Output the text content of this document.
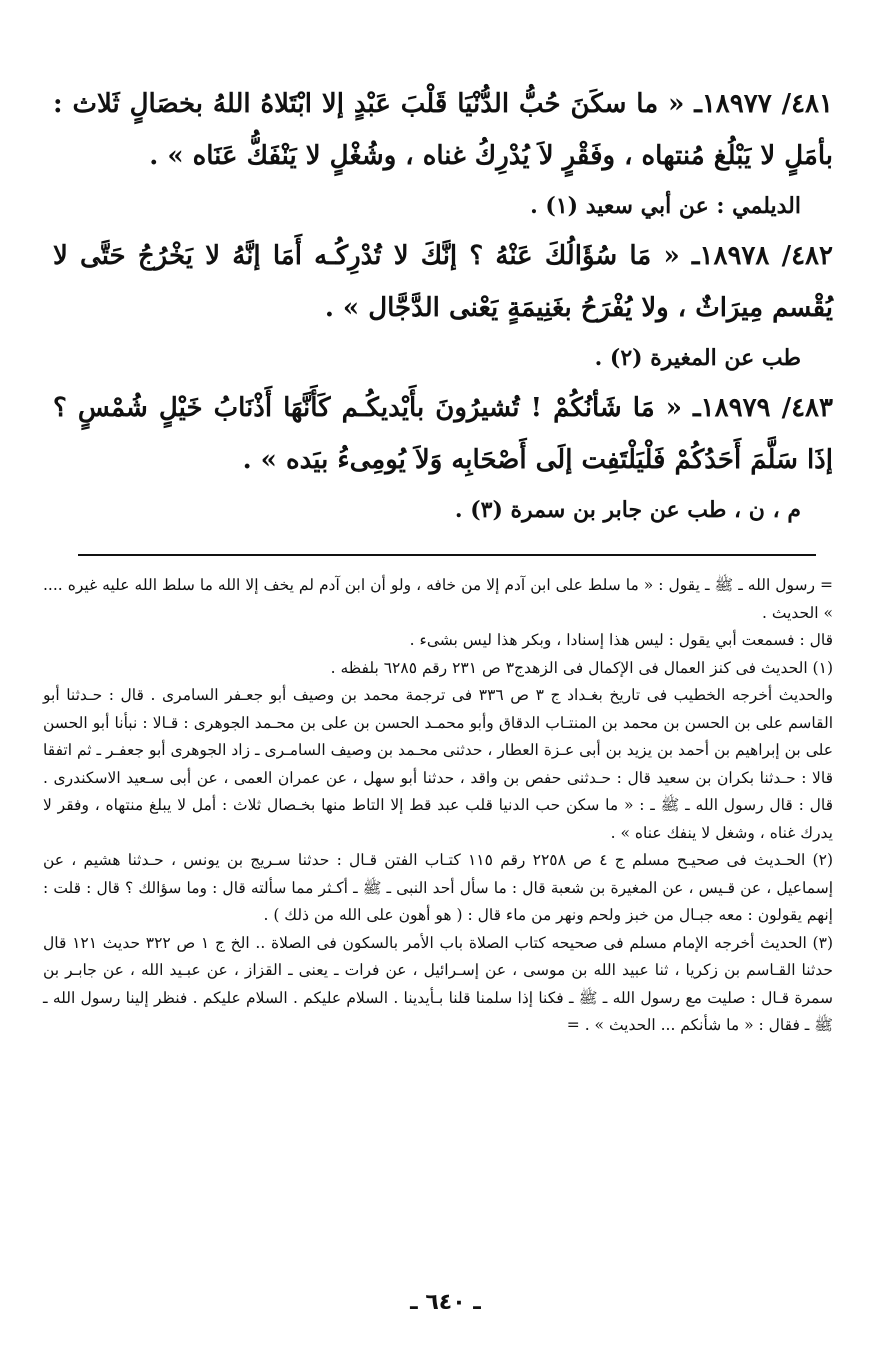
٤٨١/ ١٨٩٧٧ـ « ما سكَنَ حُبُّ الدُّنْيَا قَلْبَ عَبْدٍ إلا ابْتَلاهُ اللهُ بخصَالٍ ثَلاث : بأمَلٍ لا يَبْلُغ مُنتهاه ، وفَقْرٍ لاَ يُدْرِكُ غناه ، وشُغْلٍ لا يَنْفَكُّ عَنَاه » .

الديلمي : عن أبي سعيد (١) .

٤٨٢/ ١٨٩٧٨ـ « مَا سُؤَالُكَ عَنْهُ ؟ إنَّكَ لا تُدْرِكُـه أَمَا إنَّهُ لا يَخْرُجُ حَتَّى لا يُقْسم مِيرَاثٌ ، ولا يُفْرَحُ بغَنِيمَةٍ يَعْنى الدَّجَّال » .

طب عن المغيرة (٢) .

٤٨٣/ ١٨٩٧٩ـ « مَا شَأنُكُمْ ! تُشيرُونَ بأَيْديكُـم كَأَنَّهَا أَذْنَابُ خَيْلٍ شُمْسٍ ؟ إذَا سَلَّمَ أَحَدُكُمْ فَلْيَلْتَفِت إلَى أَصْحَابِه وَلاَ يُومِىءُ بيَده » .

م ، ن ، طب عن جابر بن سمرة (٣) .

= رسول الله ـ ﷺ ـ يقول : « ما سلط على ابن آدم إلا من خافه ، ولو أن ابن آدم لم يخف إلا الله ما سلط الله عليه غيره .... » الحديث .

قال : فسمعت أبي يقول : ليس هذا إسنادا ، وبكر هذا ليس بشىء .

(١) الحديث فى كنز العمال فى الإكمال فى الزهدج٣ ص ٢٣١ رقم ٦٢٨٥ بلفظه .

والحديث أخرجه الخطيب فى تاريخ بغـداد ج ٣ ص ٣٣٦ فى ترجمة محمد بن وصيف أبو جعـفر السامرى . قال : حـدثنا أبو القاسم على بن الحسن بن محمد بن المنتـاب الدقاق وأبو محمـد الحسن بن على بن محـمد الجوهرى : قـالا : نبأنا أبو الحسن على بن إبراهيم بن أحمد بن يزيد بن أبى عـزة العطار ، حدثنى محـمد بن وصيف السامـرى ـ زاد الجوهرى أبو جعفـر ـ ثم اتفقا قالا : حـدثنا بكران بن سعيد قال : حـدثنى حفص بن واقد ، حدثنا أبو سهل ، عن عمران العمى ، عن أبى سـعيد الاسكندرى . قال : قال رسول الله ـ ﷺ ـ : « ما سكن حب الدنيا قلب عبد قط إلا التاط منها بخـصال ثلاث : أمل لا يبلغ منتهاه ، وفقر لا يدرك غناه ، وشغل لا ينفك عناه » .

(٢) الحـديث فى صحيـح مسلم ج ٤ ص ٢٢٥٨ رقم ١١٥ كتـاب الفتن قـال : حدثنا سـريج بن يونس ، حـدثنا هشيم ، عن إسماعيل ، عن قـيس ، عن المغيرة بن شعبة قال : ما سأل أحد النبى ـ ﷺ ـ أكـثر مما سألته قال : وما سؤالك ؟ قال : قلت : إنهم يقولون : معه جبـال من خبز ولحم ونهر من ماء قال : ( هو أهون على الله من ذلك ) .

(٣) الحديث أخرجه الإمام مسلم فى صحيحه كتاب الصلاة باب الأمر بالسكون فى الصلاة .. الخ ج ١ ص ٣٢٢ حديث ١٢١ قال حدثنا القـاسم بن زكريا ، ثنا عبيد الله بن موسى ، عن إسـرائيل ، عن فرات ـ يعنى ـ القزاز ، عن عبـيد الله ، عن جابـر بن سمرة قـال : صليت مع رسول الله ـ ﷺ ـ فكنا إذا سلمنا قلنا بـأيدينا . السلام عليكم . السلام عليكم . فنظر إلينا رسول الله ـ ﷺ ـ فقال : « ما شأنكم ... الحديث » . =

ـ ٦٤٠ ـ
